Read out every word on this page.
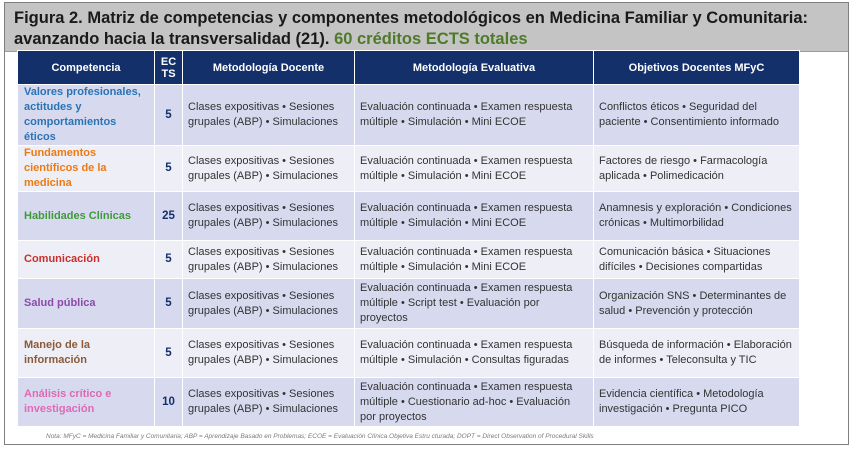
Figura 2. Matriz de competencias y componentes metodológicos en Medicina Familiar y Comunitaria: avanzando hacia la transversalidad (21). 60 créditos ECTS totales
Competencia	EC TS	Metodología Docente	Metodología Evaluativa	Objetivos Docentes MFyC
Valores profesionales, actitudes y comportamientos éticos	5	Clases expositivas • Sesiones grupales (ABP) • Simulaciones	Evaluación continuada • Examen respuesta múltiple • Simulación • Mini ECOE	Conflictos éticos • Seguridad del paciente • Consentimiento informado
Fundamentos científicos de la medicina	5	Clases expositivas • Sesiones grupales (ABP) • Simulaciones	Evaluación continuada • Examen respuesta múltiple • Simulación • Mini ECOE	Factores de riesgo • Farmacología aplicada • Polimedicación
Habilidades Clínicas	25	Clases expositivas • Sesiones grupales (ABP) • Simulaciones	Evaluación continuada • Examen respuesta múltiple • Simulación • Mini ECOE	Anamnesis y exploración • Condiciones crónicas • Multimorbilidad
Comunicación	5	Clases expositivas • Sesiones grupales (ABP) • Simulaciones	Evaluación continuada • Examen respuesta múltiple • Simulación • Mini ECOE	Comunicación básica • Situaciones difíciles • Decisiones compartidas
Salud pública	5	Clases expositivas • Sesiones grupales (ABP) • Simulaciones	Evaluación continuada • Examen respuesta múltiple • Script test • Evaluación por proyectos	Organización SNS • Determinantes de salud • Prevención y protección
Manejo de la información	5	Clases expositivas • Sesiones grupales (ABP) • Simulaciones	Evaluación continuada • Examen respuesta múltiple • Simulación • Consultas figuradas	Búsqueda de información • Elaboración de informes • Teleconsulta y TIC
Análisis crítico e investigación	10	Clases expositivas • Sesiones grupales (ABP) • Simulaciones	Evaluación continuada • Examen respuesta múltiple • Cuestionario ad-hoc • Evaluación por proyectos	Evidencia científica • Metodología investigación • Pregunta PICO
Nota: MFyC = Medicina Familiar y Comunitaria; ABP = Aprendizaje Basado en Problemas; ECOE = Evaluación Clínica Objetiva Estru cturada; DOPT = Direct Observation of Procedural Skills
